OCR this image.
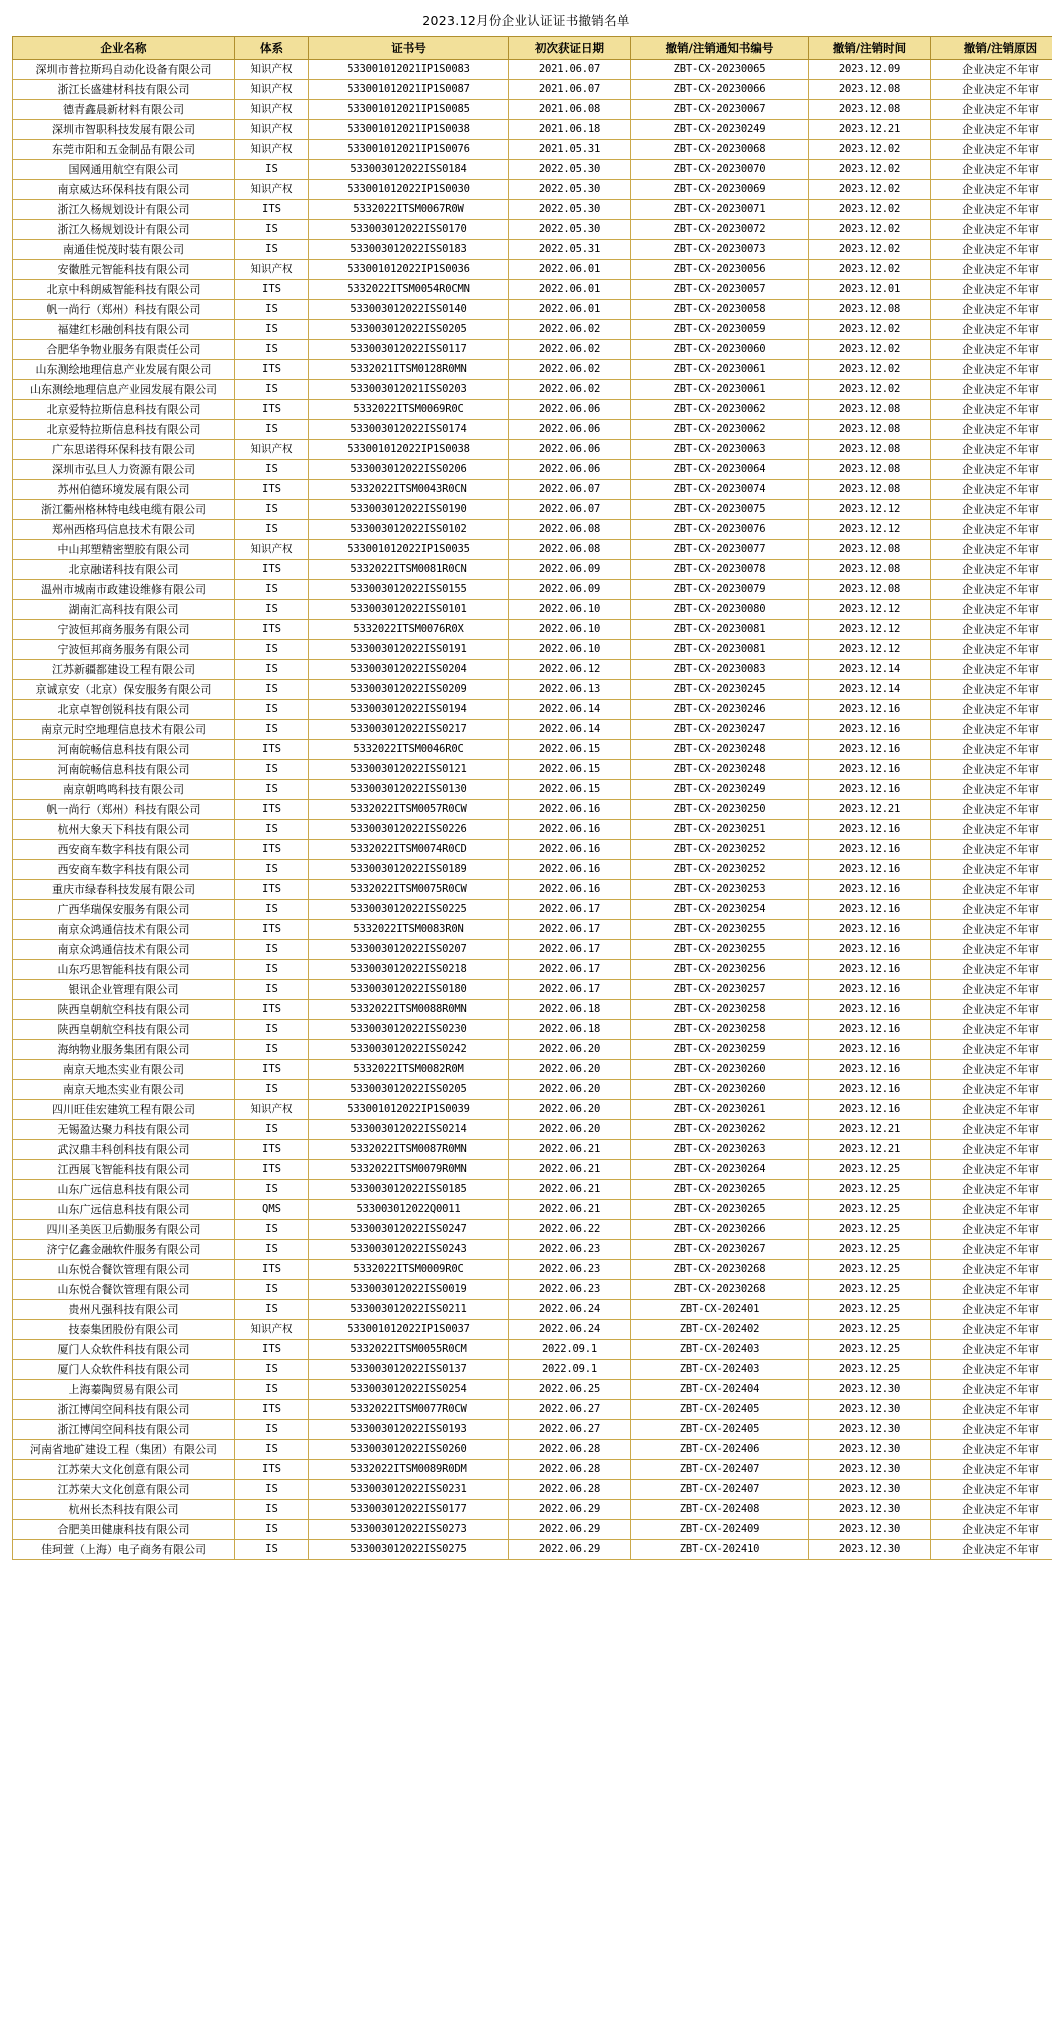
2023.12月份企业认证证书撤销名单
企业名称	体系	证书号	初次获证日期	撤销/注销通知书编号	撤销/注销时间	撤销/注销原因
深圳市普拉斯玛自动化设备有限公司	知识产权	533001012021IP1S0083	2021.06.07	ZBT-CX-20230065	2023.12.09	企业决定不年审
浙江长盛建材科技有限公司	知识产权	533001012021IP1S0087	2021.06.07	ZBT-CX-20230066	2023.12.08	企业决定不年审
德青鑫晨新材料有限公司	知识产权	533001012021IP1S0085	2021.06.08	ZBT-CX-20230067	2023.12.08	企业决定不年审
深圳市智职科技发展有限公司	知识产权	533001012021IP1S0038	2021.06.18	ZBT-CX-20230249	2023.12.21	企业决定不年审
东莞市阳和五金制品有限公司	知识产权	533001012021IP1S0076	2021.05.31	ZBT-CX-20230068	2023.12.02	企业决定不年审
国网通用航空有限公司	IS	533003012022ISS0184	2022.05.30	ZBT-CX-20230070	2023.12.02	企业决定不年审
南京威达环保科技有限公司	知识产权	533001012022IP1S0030	2022.05.30	ZBT-CX-20230069	2023.12.02	企业决定不年审
浙江久杨规划设计有限公司	ITS	5332022ITSM0067R0W	2022.05.30	ZBT-CX-20230071	2023.12.02	企业决定不年审
浙江久杨规划设计有限公司	IS	533003012022ISS0170	2022.05.30	ZBT-CX-20230072	2023.12.02	企业决定不年审
南通佳悦茂时装有限公司	IS	533003012022ISS0183	2022.05.31	ZBT-CX-20230073	2023.12.02	企业决定不年审
安徽胜元智能科技有限公司	知识产权	533001012022IP1S0036	2022.06.01	ZBT-CX-20230056	2023.12.02	企业决定不年审
北京中科朗威智能科技有限公司	ITS	5332022ITSM0054R0CMN	2022.06.01	ZBT-CX-20230057	2023.12.01	企业决定不年审
帆一尚行（郑州）科技有限公司	IS	533003012022ISS0140	2022.06.01	ZBT-CX-20230058	2023.12.08	企业决定不年审
福建红杉融创科技有限公司	IS	533003012022ISS0205	2022.06.02	ZBT-CX-20230059	2023.12.02	企业决定不年审
合肥华争物业服务有限责任公司	IS	533003012022ISS0117	2022.06.02	ZBT-CX-20230060	2023.12.02	企业决定不年审
山东测绘地理信息产业发展有限公司	ITS	5332021ITSM0128R0MN	2022.06.02	ZBT-CX-20230061	2023.12.02	企业决定不年审
山东测绘地理信息产业园发展有限公司	IS	533003012021ISS0203	2022.06.02	ZBT-CX-20230061	2023.12.02	企业决定不年审
北京爱特拉斯信息科技有限公司	ITS	5332022ITSM0069R0C	2022.06.06	ZBT-CX-20230062	2023.12.08	企业决定不年审
北京爱特拉斯信息科技有限公司	IS	533003012022ISS0174	2022.06.06	ZBT-CX-20230062	2023.12.08	企业决定不年审
广东思诺得环保科技有限公司	知识产权	533001012022IP1S0038	2022.06.06	ZBT-CX-20230063	2023.12.08	企业决定不年审
深圳市弘旦人力资源有限公司	IS	533003012022ISS0206	2022.06.06	ZBT-CX-20230064	2023.12.08	企业决定不年审
苏州伯德环境发展有限公司	ITS	5332022ITSM0043R0CN	2022.06.07	ZBT-CX-20230074	2023.12.08	企业决定不年审
浙江衢州格林特电线电缆有限公司	IS	533003012022ISS0190	2022.06.07	ZBT-CX-20230075	2023.12.12	企业决定不年审
郑州西格玛信息技术有限公司	IS	533003012022ISS0102	2022.06.08	ZBT-CX-20230076	2023.12.12	企业决定不年审
中山邦塑精密塑胶有限公司	知识产权	533001012022IP1S0035	2022.06.08	ZBT-CX-20230077	2023.12.08	企业决定不年审
北京融诺科技有限公司	ITS	5332022ITSM0081R0CN	2022.06.09	ZBT-CX-20230078	2023.12.08	企业决定不年审
温州市城南市政建设维修有限公司	IS	533003012022ISS0155	2022.06.09	ZBT-CX-20230079	2023.12.08	企业决定不年审
湖南汇高科技有限公司	IS	533003012022ISS0101	2022.06.10	ZBT-CX-20230080	2023.12.12	企业决定不年审
宁波恒邦商务服务有限公司	ITS	5332022ITSM0076R0X	2022.06.10	ZBT-CX-20230081	2023.12.12	企业决定不年审
宁波恒邦商务服务有限公司	IS	533003012022ISS0191	2022.06.10	ZBT-CX-20230081	2023.12.12	企业决定不年审
江苏新疆都建设工程有限公司	IS	533003012022ISS0204	2022.06.12	ZBT-CX-20230083	2023.12.14	企业决定不年审
京诚京安（北京）保安服务有限公司	IS	533003012022ISS0209	2022.06.13	ZBT-CX-20230245	2023.12.14	企业决定不年审
北京卓智创锐科技有限公司	IS	533003012022ISS0194	2022.06.14	ZBT-CX-20230246	2023.12.16	企业决定不年审
南京元时空地理信息技术有限公司	IS	533003012022ISS0217	2022.06.14	ZBT-CX-20230247	2023.12.16	企业决定不年审
河南皖畅信息科技有限公司	ITS	5332022ITSM0046R0C	2022.06.15	ZBT-CX-20230248	2023.12.16	企业决定不年审
河南皖畅信息科技有限公司	IS	533003012022ISS0121	2022.06.15	ZBT-CX-20230248	2023.12.16	企业决定不年审
南京朝鸣鸣科技有限公司	IS	533003012022ISS0130	2022.06.15	ZBT-CX-20230249	2023.12.16	企业决定不年审
帆一尚行（郑州）科技有限公司	ITS	5332022ITSM0057R0CW	2022.06.16	ZBT-CX-20230250	2023.12.21	企业决定不年审
杭州大象天下科技有限公司	IS	533003012022ISS0226	2022.06.16	ZBT-CX-20230251	2023.12.16	企业决定不年审
西安商车数字科技有限公司	ITS	5332022ITSM0074R0CD	2022.06.16	ZBT-CX-20230252	2023.12.16	企业决定不年审
西安商车数字科技有限公司	IS	533003012022ISS0189	2022.06.16	ZBT-CX-20230252	2023.12.16	企业决定不年审
重庆市绿春科技发展有限公司	ITS	5332022ITSM0075R0CW	2022.06.16	ZBT-CX-20230253	2023.12.16	企业决定不年审
广西华瑞保安服务有限公司	IS	533003012022ISS0225	2022.06.17	ZBT-CX-20230254	2023.12.16	企业决定不年审
南京众鸿通信技术有限公司	ITS	5332022ITSM0083R0N	2022.06.17	ZBT-CX-20230255	2023.12.16	企业决定不年审
南京众鸿通信技术有限公司	IS	533003012022ISS0207	2022.06.17	ZBT-CX-20230255	2023.12.16	企业决定不年审
山东巧思智能科技有限公司	IS	533003012022ISS0218	2022.06.17	ZBT-CX-20230256	2023.12.16	企业决定不年审
银讯企业管理有限公司	IS	533003012022ISS0180	2022.06.17	ZBT-CX-20230257	2023.12.16	企业决定不年审
陕西皇朝航空科技有限公司	ITS	5332022ITSM0088R0MN	2022.06.18	ZBT-CX-20230258	2023.12.16	企业决定不年审
陕西皇朝航空科技有限公司	IS	533003012022ISS0230	2022.06.18	ZBT-CX-20230258	2023.12.16	企业决定不年审
海纳物业服务集团有限公司	IS	533003012022ISS0242	2022.06.20	ZBT-CX-20230259	2023.12.16	企业决定不年审
南京天地杰实业有限公司	ITS	5332022ITSM0082R0M	2022.06.20	ZBT-CX-20230260	2023.12.16	企业决定不年审
南京天地杰实业有限公司	IS	533003012022ISS0205	2022.06.20	ZBT-CX-20230260	2023.12.16	企业决定不年审
四川旺佳宏建筑工程有限公司	知识产权	533001012022IP1S0039	2022.06.20	ZBT-CX-20230261	2023.12.16	企业决定不年审
无锡盈达聚力科技有限公司	IS	533003012022ISS0214	2022.06.20	ZBT-CX-20230262	2023.12.21	企业决定不年审
武汉鼎丰科创科技有限公司	ITS	5332022ITSM0087R0MN	2022.06.21	ZBT-CX-20230263	2023.12.21	企业决定不年审
江西展飞智能科技有限公司	ITS	5332022ITSM0079R0MN	2022.06.21	ZBT-CX-20230264	2023.12.25	企业决定不年审
山东广远信息科技有限公司	IS	533003012022ISS0185	2022.06.21	ZBT-CX-20230265	2023.12.25	企业决定不年审
山东广远信息科技有限公司	QMS	533003012022Q0011	2022.06.21	ZBT-CX-20230265	2023.12.25	企业决定不年审
四川圣美医卫后勤服务有限公司	IS	533003012022ISS0247	2022.06.22	ZBT-CX-20230266	2023.12.25	企业决定不年审
济宁亿鑫金融软件服务有限公司	IS	533003012022ISS0243	2022.06.23	ZBT-CX-20230267	2023.12.25	企业决定不年审
山东悦合餐饮管理有限公司	ITS	5332022ITSM0009R0C	2022.06.23	ZBT-CX-20230268	2023.12.25	企业决定不年审
山东悦合餐饮管理有限公司	IS	533003012022ISS0019	2022.06.23	ZBT-CX-20230268	2023.12.25	企业决定不年审
贵州凡强科技有限公司	IS	533003012022ISS0211	2022.06.24	ZBT-CX-202401	2023.12.25	企业决定不年审
技泰集团股份有限公司	知识产权	533001012022IP1S0037	2022.06.24	ZBT-CX-202402	2023.12.25	企业决定不年审
厦门人众软件科技有限公司	ITS	5332022ITSM0055R0CM	2022.09.1	ZBT-CX-202403	2023.12.25	企业决定不年审
厦门人众软件科技有限公司	IS	533003012022ISS0137	2022.09.1	ZBT-CX-202403	2023.12.25	企业决定不年审
上海蓁陶贸易有限公司	IS	533003012022ISS0254	2022.06.25	ZBT-CX-202404	2023.12.30	企业决定不年审
浙江博闰空间科技有限公司	ITS	5332022ITSM0077R0CW	2022.06.27	ZBT-CX-202405	2023.12.30	企业决定不年审
浙江博闰空间科技有限公司	IS	533003012022ISS0193	2022.06.27	ZBT-CX-202405	2023.12.30	企业决定不年审
河南省地矿建设工程（集团）有限公司	IS	533003012022ISS0260	2022.06.28	ZBT-CX-202406	2023.12.30	企业决定不年审
江苏荣大文化创意有限公司	ITS	5332022ITSM0089R0DM	2022.06.28	ZBT-CX-202407	2023.12.30	企业决定不年审
江苏荣大文化创意有限公司	IS	533003012022ISS0231	2022.06.28	ZBT-CX-202407	2023.12.30	企业决定不年审
杭州长杰科技有限公司	IS	533003012022ISS0177	2022.06.29	ZBT-CX-202408	2023.12.30	企业决定不年审
合肥美田健康科技有限公司	IS	533003012022ISS0273	2022.06.29	ZBT-CX-202409	2023.12.30	企业决定不年审
佳珂萱（上海）电子商务有限公司	IS	533003012022ISS0275	2022.06.29	ZBT-CX-202410	2023.12.30	企业决定不年审
